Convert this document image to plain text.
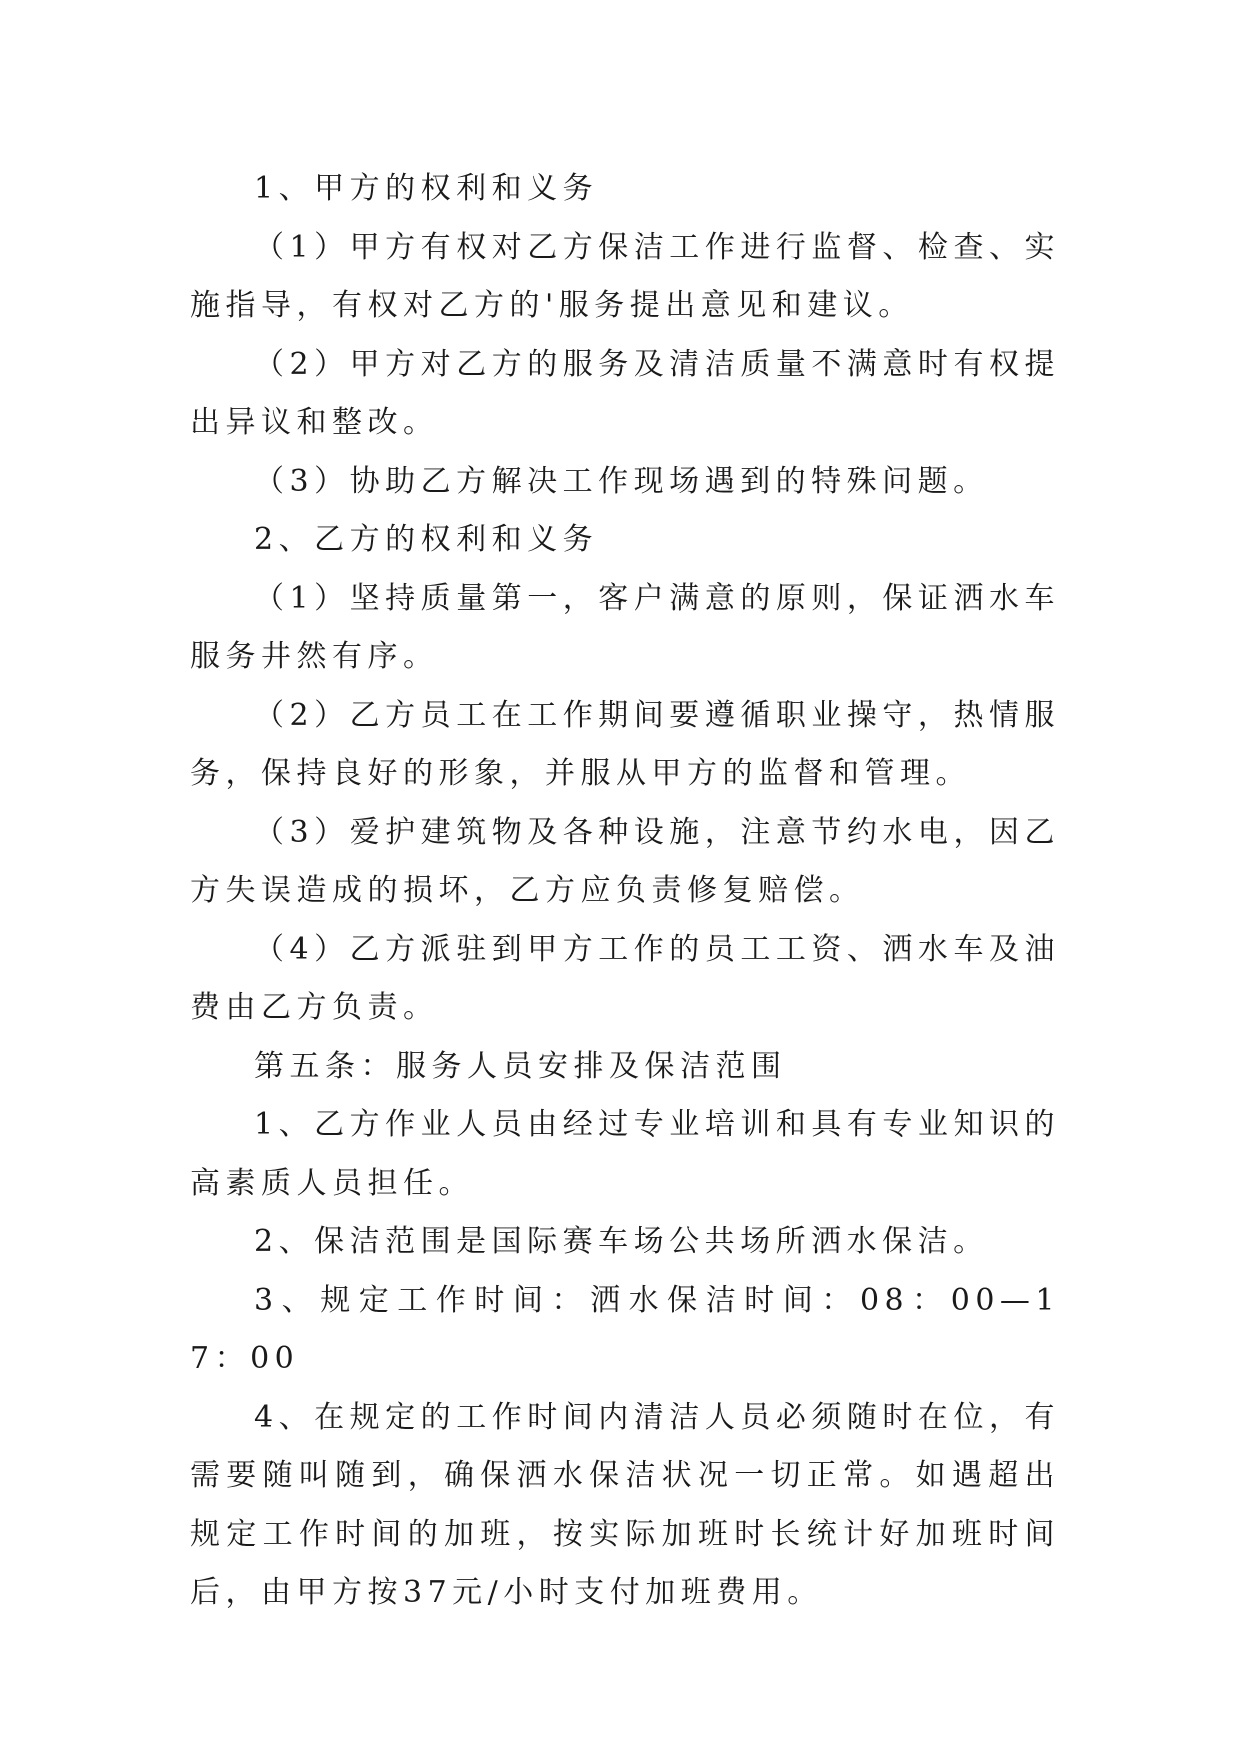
1、甲方的权利和义务

（1）甲方有权对乙方保洁工作进行监督、检查、实施指导，有权对乙方的'服务提出意见和建议。

（2）甲方对乙方的服务及清洁质量不满意时有权提出异议和整改。

（3）协助乙方解决工作现场遇到的特殊问题。

2、乙方的权利和义务

（1）坚持质量第一，客户满意的原则，保证洒水车服务井然有序。

（2）乙方员工在工作期间要遵循职业操守，热情服务，保持良好的形象，并服从甲方的监督和管理。

（3）爱护建筑物及各种设施，注意节约水电，因乙方失误造成的损坏，乙方应负责修复赔偿。

（4）乙方派驻到甲方工作的员工工资、洒水车及油费由乙方负责。

第五条：服务人员安排及保洁范围

1、乙方作业人员由经过专业培训和具有专业知识的高素质人员担任。

2、保洁范围是国际赛车场公共场所洒水保洁。

3、规定工作时间：洒水保洁时间：08：00—17：00

4、在规定的工作时间内清洁人员必须随时在位，有需要随叫随到，确保洒水保洁状况一切正常。如遇超出规定工作时间的加班，按实际加班时长统计好加班时间后，由甲方按37元/小时支付加班费用。
